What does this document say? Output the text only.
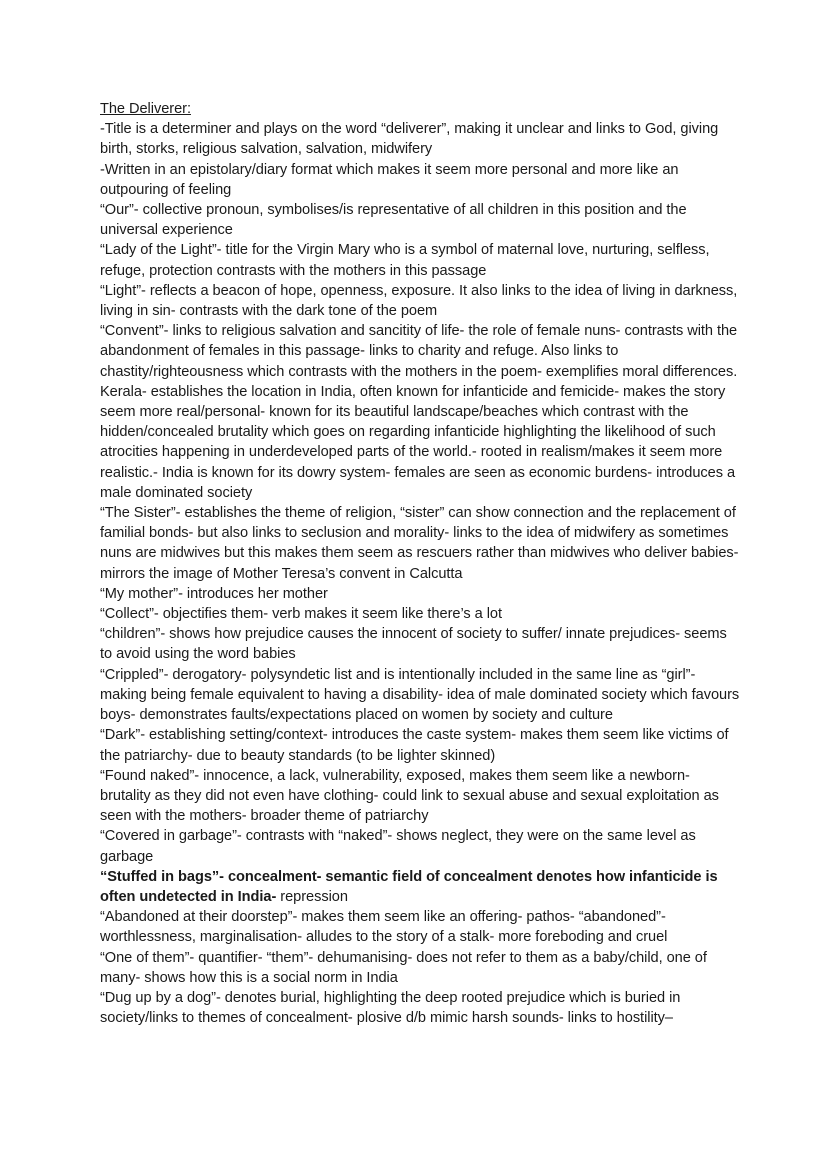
The Deliverer:

-Title is a determiner and plays on the word “deliverer”, making it unclear and links to God, giving birth, storks, religious salvation, salvation, midwifery

-Written in an epistolary/diary format which makes it seem more personal and more like an outpouring of feeling

“Our”- collective pronoun, symbolises/is representative of all children in this position and the universal experience

“Lady of the Light”- title for the Virgin Mary who is a symbol of maternal love, nurturing, selfless, refuge, protection contrasts with the mothers in this passage

“Light”- reflects a beacon of hope, openness, exposure. It also links to the idea of living in darkness, living in sin- contrasts with the dark tone of the poem

“Convent”- links to religious salvation and sancitity of life- the role of female nuns- contrasts with the abandonment of females in this passage- links to charity and refuge. Also links to chastity/righteousness which contrasts with the mothers in the poem- exemplifies moral differences.

Kerala- establishes the location in India, often known for infanticide and femicide- makes the story seem more real/personal- known for its beautiful landscape/beaches which contrast with the hidden/concealed brutality which goes on regarding infanticide highlighting the likelihood of such atrocities happening in underdeveloped parts of the world.- rooted in realism/makes it seem more realistic.- India is known for its dowry system- females are seen as economic burdens- introduces a male dominated society

“The Sister”- establishes the theme of religion, “sister” can show connection and the replacement of familial bonds- but also links to seclusion and morality- links to the idea of midwifery as sometimes nuns are midwives but this makes them seem as rescuers rather than midwives who deliver babies- mirrors the image of Mother Teresa’s convent in Calcutta

“My mother”- introduces her mother

“Collect”- objectifies them- verb makes it seem like there’s a lot

“children”- shows how prejudice causes the innocent of society to suffer/ innate prejudices- seems to avoid using the word babies

“Crippled”- derogatory- polysyndetic list and is intentionally included in the same line as “girl”- making being female equivalent to having a disability- idea of male dominated society which favours boys- demonstrates faults/expectations placed on women by society and culture

“Dark”- establishing setting/context- introduces the caste system- makes them seem like victims of the patriarchy- due to beauty standards (to be lighter skinned)

“Found naked”- innocence, a lack, vulnerability, exposed, makes them seem like a newborn- brutality as they did not even have clothing- could link to sexual abuse and sexual exploitation as seen with the mothers- broader theme of patriarchy

“Covered in garbage”- contrasts with “naked”- shows neglect, they were on the same level as garbage

“Stuffed in bags”- concealment- semantic field of concealment denotes how infanticide is often undetected in India- repression

“Abandoned at their doorstep”- makes them seem like an offering- pathos- “abandoned”- worthlessness, marginalisation- alludes to the story of a stalk- more foreboding and cruel

“One of them”- quantifier- “them”- dehumanising- does not refer to them as a baby/child, one of many- shows how this is a social norm in India

“Dug up by a dog”- denotes burial, highlighting the deep rooted prejudice which is buried in society/links to themes of concealment- plosive d/b mimic harsh sounds- links to hostility–
